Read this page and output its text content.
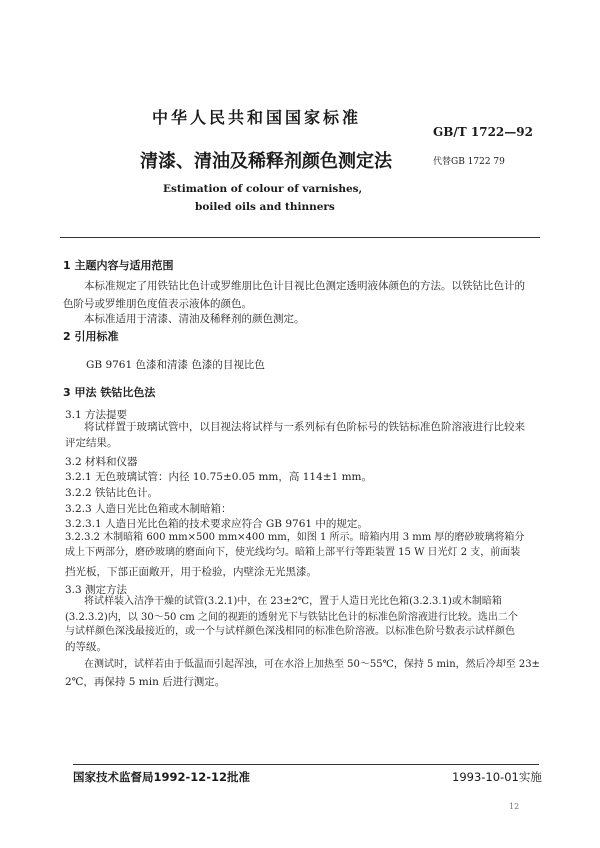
中华人民共和国国家标准
GB/T 1722—92
清漆、清油及稀释剂颜色测定法	代替GB 1722 79
Estimation of colour of varnishes,
boiled oils and thinners
1 主题内容与适用范围
本标准规定了用铁钴比色计或罗维朋比色计目视比色测定透明液体颜色的方法。以铁钴比色计的
色阶号或罗维朋色度值表示液体的颜色。
本标准适用于清漆、清油及稀释剂的颜色测定。
2 引用标准
GB 9761 色漆和清漆 色漆的目视比色
3 甲法 铁钴比色法
3.1 方法提要
将试样置于玻璃试管中，以目视法将试样与一系列标有色阶标号的铁钴标准色阶溶液进行比较来
评定结果。
3.2 材料和仪器
3.2.1 无色玻璃试管：内径 10.75±0.05 mm，高 114±1 mm。
3.2.2 铁钴比色计。
3.2.3 人造日光比色箱或木制暗箱：
3.2.3.1 人造日光比色箱的技术要求应符合 GB 9761 中的规定。
3.2.3.2 木制暗箱 600 mm×500 mm×400 mm，如图 1 所示。暗箱内用 3 mm 厚的磨砂玻璃将箱分
成上下两部分，磨砂玻璃的磨面向下，使光线均匀。暗箱上部平行等距装置 15 W 日光灯 2 支，前面装
挡光板，下部正面敞开，用于检验，内壁涂无光黑漆。
3.3 测定方法
将试样装入洁净干燥的试管(3.2.1)中，在 23±2℃，置于人造日光比色箱(3.2.3.1)或木制暗箱
(3.2.3.2)内，以 30～50 cm 之间的视距的透射光下与铁钴比色计的标准色阶溶液进行比较。选出二个
与试样颜色深浅最接近的，或一个与试样颜色深浅相同的标准色阶溶液。以标准色阶号数表示试样颜色
的等级。
在测试时，试样若由于低温而引起浑浊，可在水浴上加热至 50～55℃，保持 5 min，然后冷却至 23±
2℃，再保持 5 min 后进行测定。
国家技术监督局1992-12-12批准	1993-10-01实施
12
